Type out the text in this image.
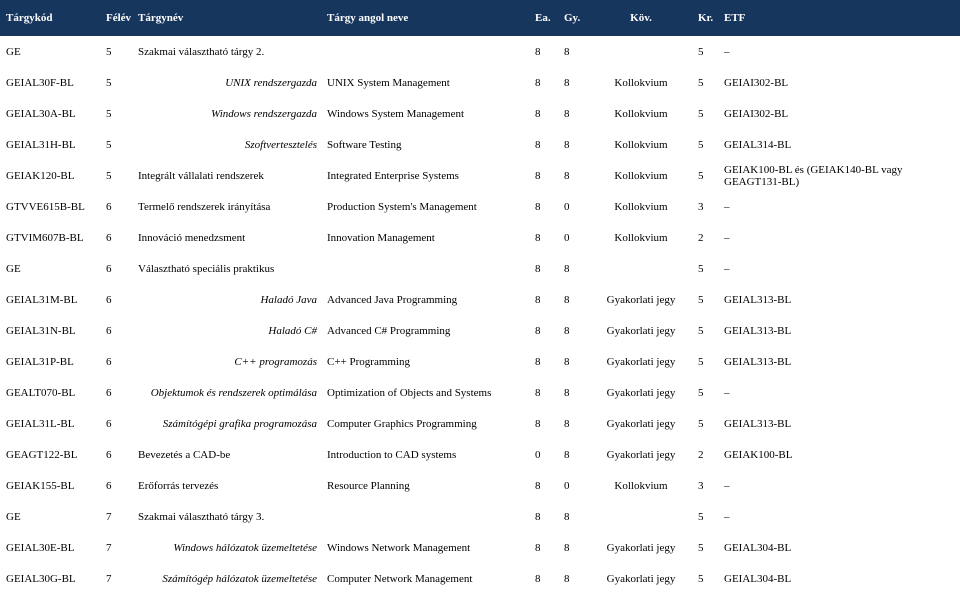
Tárgykód	Félév	Tárgynév	Tárgy angol neve	Ea.	Gy.	Köv.	Kr.	ETF
GE	5	Szakmai választható tárgy 2.		8	8		5	–
GEIAL30F-BL	5	UNIX rendszergazda	UNIX System Management	8	8	Kollokvium	5	GEIAI302-BL
GEIAL30A-BL	5	Windows rendszergazda	Windows System Management	8	8	Kollokvium	5	GEIAI302-BL
GEIAL31H-BL	5	Szoftvertesztelés	Software Testing	8	8	Kollokvium	5	GEIAL314-BL
GEIAK120-BL	5	Integrált vállalati rendszerek	Integrated Enterprise Systems	8	8	Kollokvium	5	GEIAK100-BL és (GEIAK140-BL vagy GEAGT131-BL)
GTVVE615B-BL	6	Termelő rendszerek irányítása	Production System's Management	8	0	Kollokvium	3	–
GTVIM607B-BL	6	Innováció menedzsment	Innovation Management	8	0	Kollokvium	2	–
GE	6	Választható speciális praktikus		8	8		5	–
GEIAL31M-BL	6	Haladó Java	Advanced Java Programming	8	8	Gyakorlati jegy	5	GEIAL313-BL
GEIAL31N-BL	6	Haladó C#	Advanced C# Programming	8	8	Gyakorlati jegy	5	GEIAL313-BL
GEIAL31P-BL	6	C++ programozás	C++ Programming	8	8	Gyakorlati jegy	5	GEIAL313-BL
GEALT070-BL	6	Objektumok és rendszerek optimálása	Optimization of Objects and Systems	8	8	Gyakorlati jegy	5	–
GEIAL31L-BL	6	Számítógépi grafika programozása	Computer Graphics Programming	8	8	Gyakorlati jegy	5	GEIAL313-BL
GEAGT122-BL	6	Bevezetés a CAD-be	Introduction to CAD systems	0	8	Gyakorlati jegy	2	GEIAK100-BL
GEIAK155-BL	6	Erőforrás tervezés	Resource Planning	8	0	Kollokvium	3	–
GE	7	Szakmai választható tárgy 3.		8	8		5	–
GEIAL30E-BL	7	Windows hálózatok üzemeltetése	Windows Network Management	8	8	Gyakorlati jegy	5	GEIAL304-BL
GEIAL30G-BL	7	Számítógép hálózatok üzemeltetése	Computer Network Management	8	8	Gyakorlati jegy	5	GEIAL304-BL
